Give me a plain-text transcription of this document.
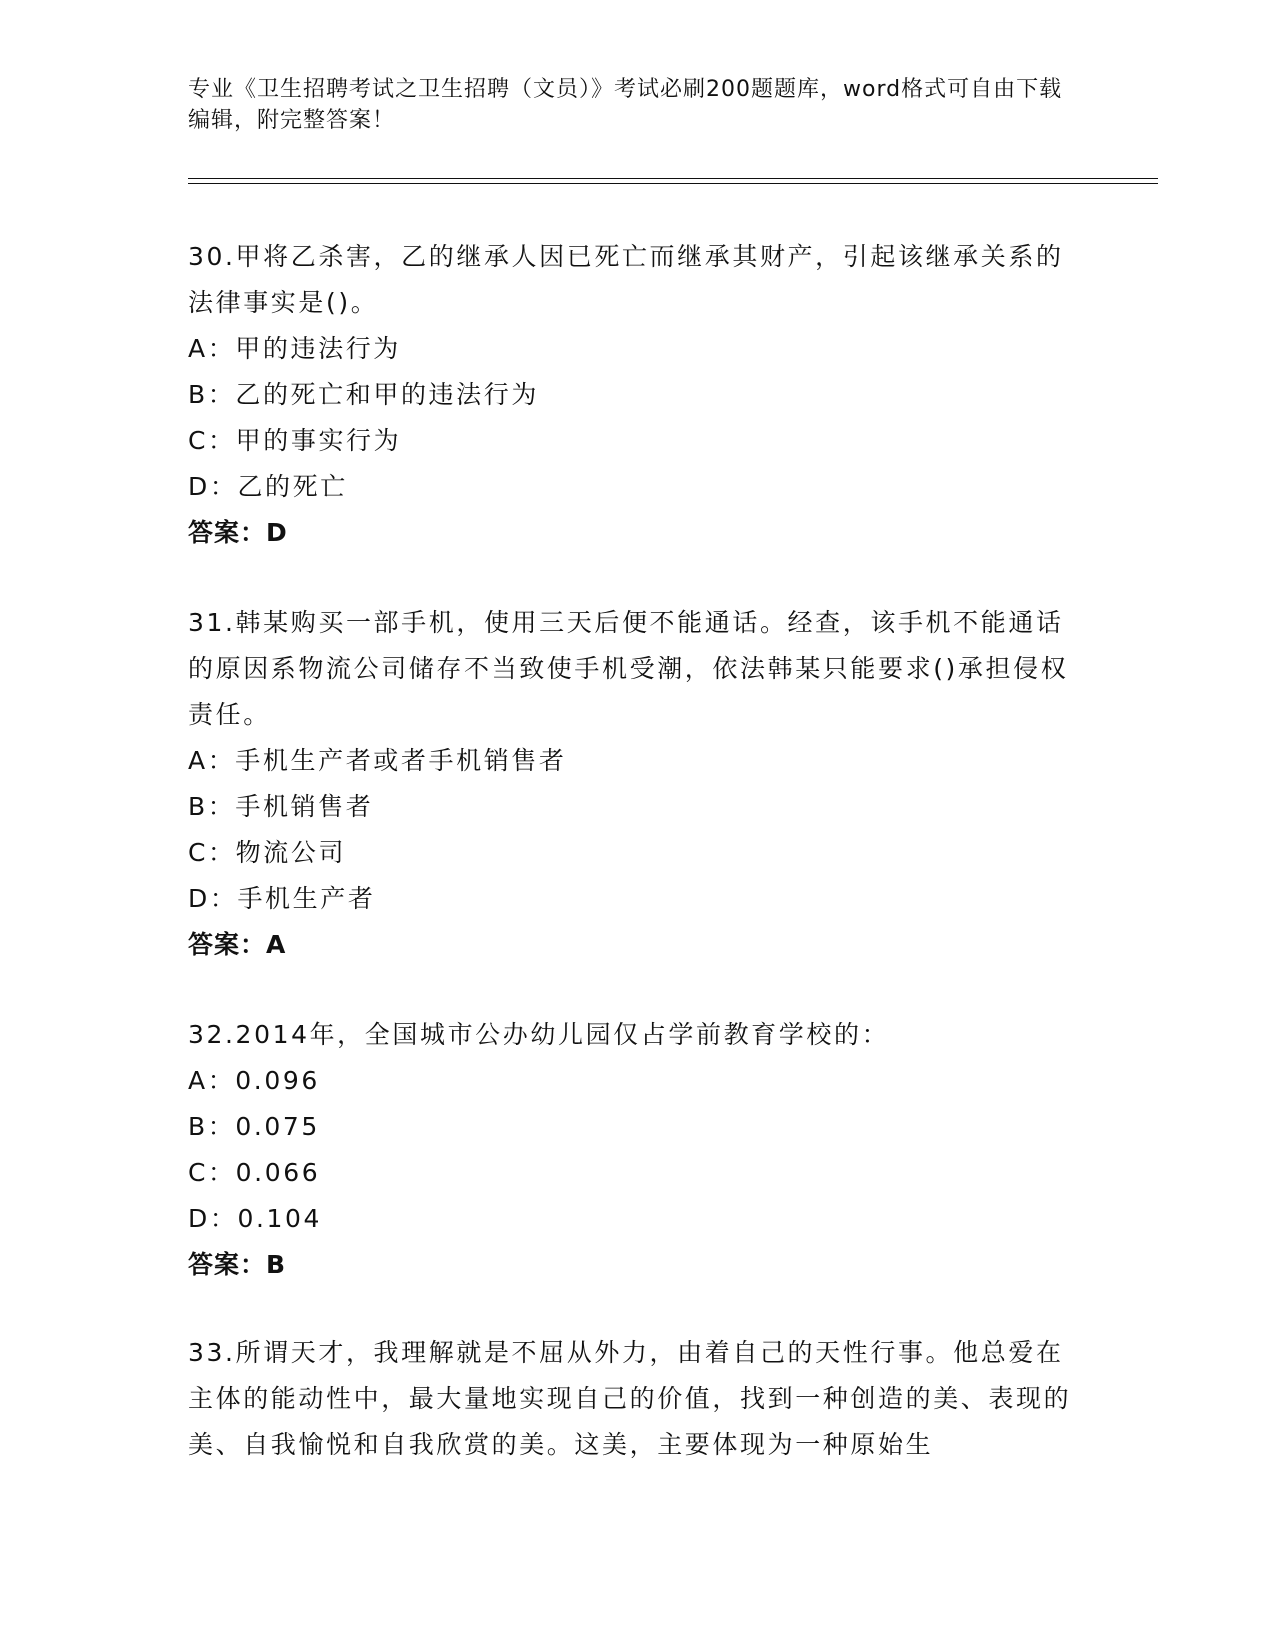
专业《卫生招聘考试之卫生招聘（文员）》考试必刷200题题库，word格式可自由下载编辑，附完整答案！

30.甲将乙杀害，乙的继承人因已死亡而继承其财产，引起该继承关系的法律事实是()。

A：甲的违法行为

B：乙的死亡和甲的违法行为

C：甲的事实行为

D：乙的死亡

答案：D

31.韩某购买一部手机，使用三天后便不能通话。经查，该手机不能通话的原因系物流公司储存不当致使手机受潮，依法韩某只能要求()承担侵权责任。

A：手机生产者或者手机销售者

B：手机销售者

C：物流公司

D：手机生产者

答案：A

32.2014年，全国城市公办幼儿园仅占学前教育学校的：

A：0.096

B：0.075

C：0.066

D：0.104

答案：B

33.所谓天才，我理解就是不屈从外力，由着自己的天性行事。他总爱在主体的能动性中，最大量地实现自己的价值，找到一种创造的美、表现的美、自我愉悦和自我欣赏的美。这美，主要体现为一种原始生
